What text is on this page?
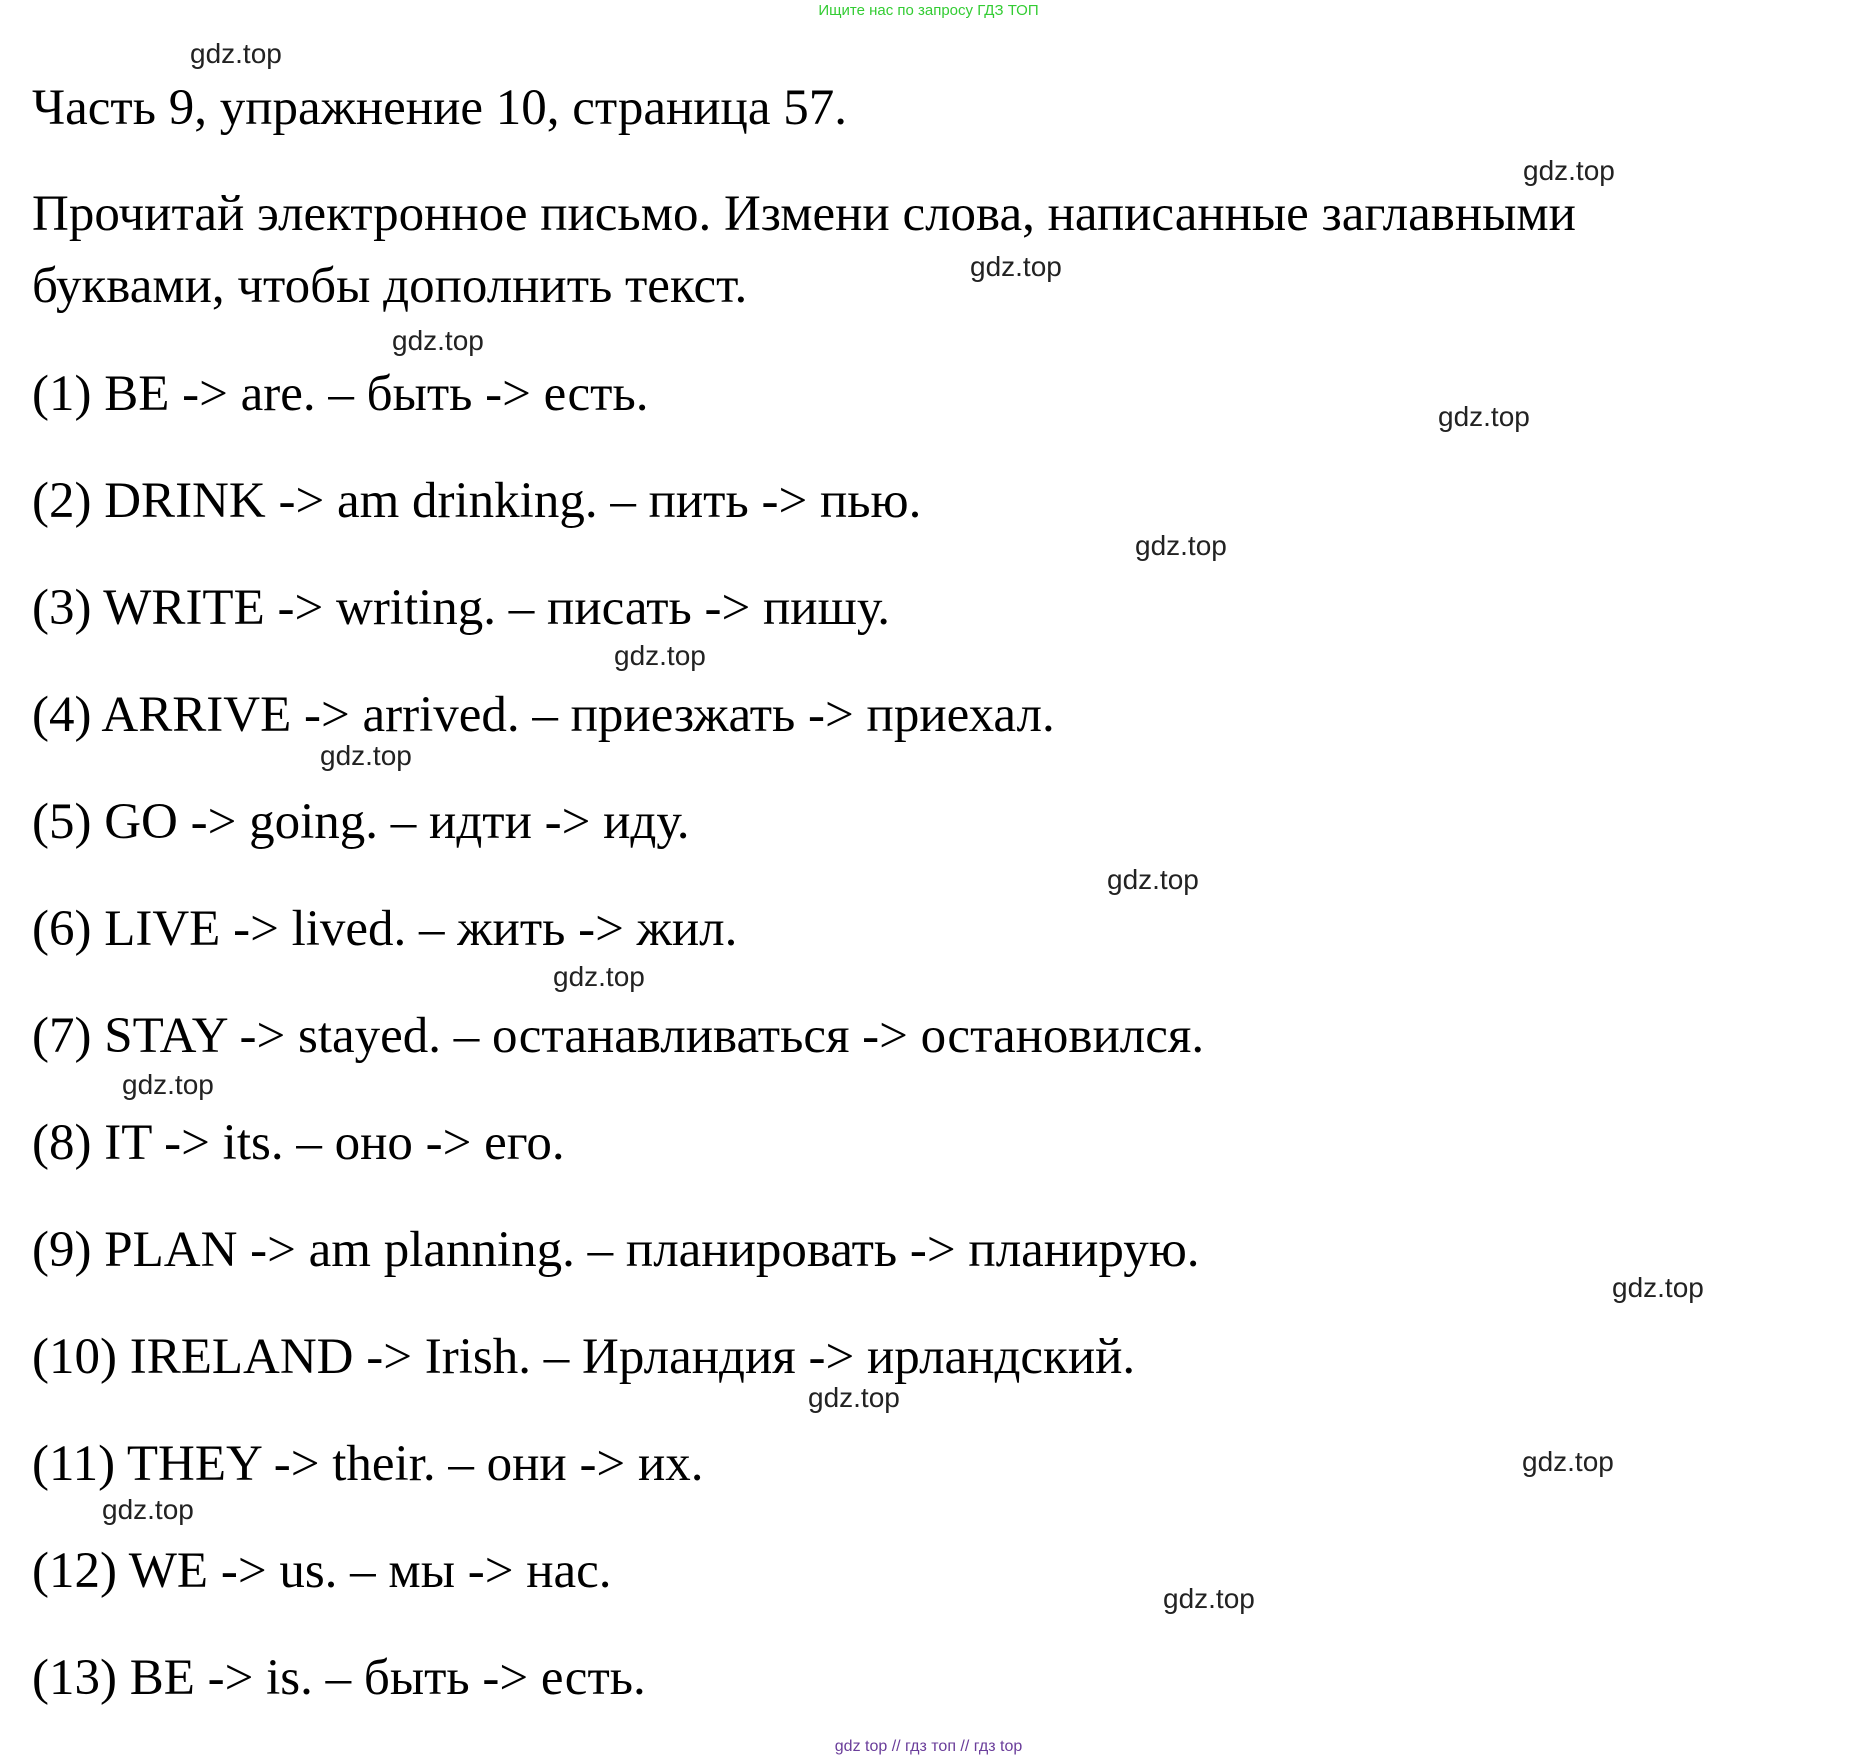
Ищите нас по запросу ГДЗ ТОП
Часть 9, упражнение 10, страница 57.
Прочитай электронное письмо. Измени слова, написанные заглавными
буквами, чтобы дополнить текст.
(1) BE -> are. – быть -> есть.
(2) DRINK -> am drinking. – пить -> пью.
(3) WRITE -> writing. – писать -> пишу.
(4) ARRIVE -> arrived. – приезжать -> приехал.
(5) GO -> going. – идти -> иду.
(6) LIVE -> lived. – жить -> жил.
(7) STAY -> stayed. – останавливаться -> остановился.
(8) IT -> its. – оно -> его.
(9) PLAN -> am planning. – планировать -> планирую.
(10) IRELAND -> Irish. – Ирландия -> ирландский.
(11) THEY -> their. – они -> их.
(12) WE -> us. – мы -> нас.
(13) BE -> is. – быть -> есть.
gdz.top
gdz.top
gdz.top
gdz.top
gdz.top
gdz.top
gdz.top
gdz.top
gdz.top
gdz.top
gdz.top
gdz.top
gdz.top
gdz.top
gdz.top
gdz.top
gdz top // гдз топ // гдз top
